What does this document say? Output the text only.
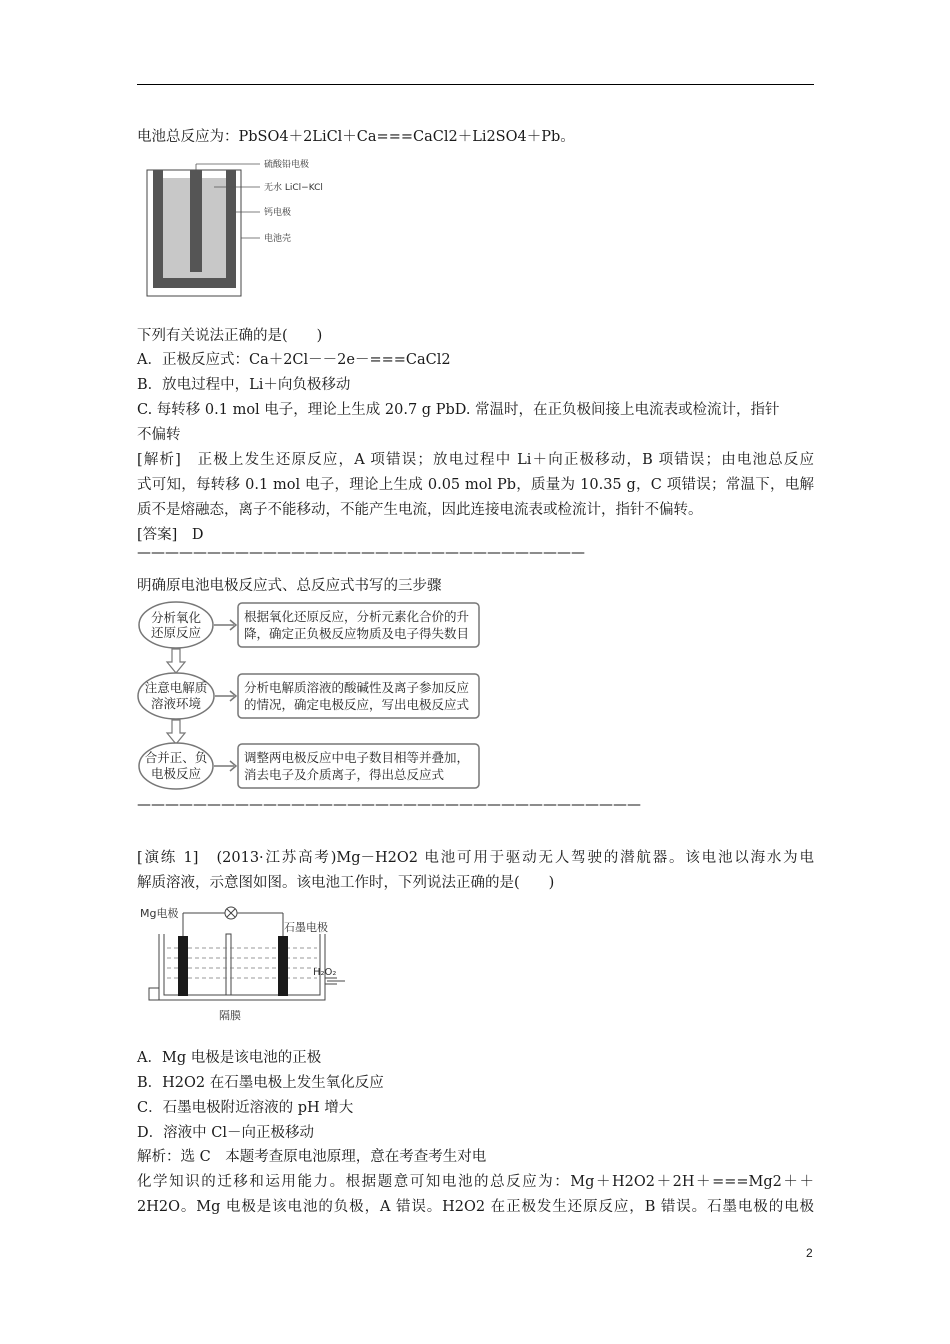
电池总反应为：PbSO4＋2LiCl＋Ca===CaCl2＋Li2SO4＋Pb。
硫酸铅电极
无水 LiCl−KCl
钙电极
电池壳
下列有关说法正确的是(　　)
A．正极反应式：Ca＋2Cl－－2e－===CaCl2
B．放电过程中，Li＋向负极移动
C. 每转移 0.1 mol 电子，理论上生成 20.7 g PbD. 常温时，在正负极间接上电流表或检流计，指针
不偏转
[解析]　正极上发生还原反应，A 项错误；放电过程中 Li＋向正极移动，B 项错误；由电池总反应
式可知，每转移 0.1 mol 电子，理论上生成 0.05 mol Pb，质量为 10.35 g，C 项错误；常温下，电解
质不是熔融态，离子不能移动，不能产生电流，因此连接电流表或检流计，指针不偏转。
[答案]　D
————————————————————————————————
明确原电池电极反应式、总反应式书写的三步骤
分析氧化
还原反应
根据氧化还原反应，分析元素化合价的升
降，确定正负极反应物质及电子得失数目
注意电解质
溶液环境
分析电解质溶液的酸碱性及离子参加反应
的情况，确定电极反应，写出电极反应式
合并正、负
电极反应
调整两电极反应中电子数目相等并叠加，
消去电子及介质离子，得出总反应式
————————————————————————————————————
[演练 1]　(2013·江苏高考)Mg－H2O2 电池可用于驱动无人驾驶的潜航器。该电池以海水为电
解质溶液，示意图如图。该电池工作时，下列说法正确的是(　　)
Mg电极
石墨电极
隔膜
H₂O₂
A．Mg 电极是该电池的正极
B．H2O2 在石墨电极上发生氧化反应
C．石墨电极附近溶液的 pH 增大
D．溶液中 Cl－向正极移动
解析：选 C　本题考查原电池原理，意在考查考生对电
化学知识的迁移和运用能力。根据题意可知电池的总反应为：Mg＋H2O2＋2H＋===Mg2＋＋
2H2O。Mg 电极是该电池的负极，A 错误。H2O2 在正极发生还原反应，B 错误。石墨电极的电极
2
